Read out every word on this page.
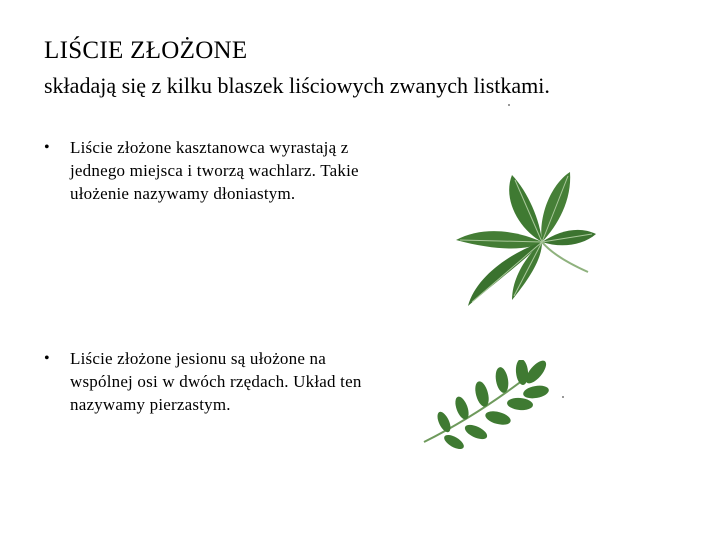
LIŚCIE ZŁOŻONE

składają się z kilku blaszek liściowych zwanych listkami.

•	Liście złożone kasztanowca wyrastają z jednego miejsca i tworzą wachlarz. Takie ułożenie nazywamy dłoniastym.
•	Liście złożone jesionu są ułożone na wspólnej osi w dwóch rzędach. Układ ten nazywamy pierzastym.
